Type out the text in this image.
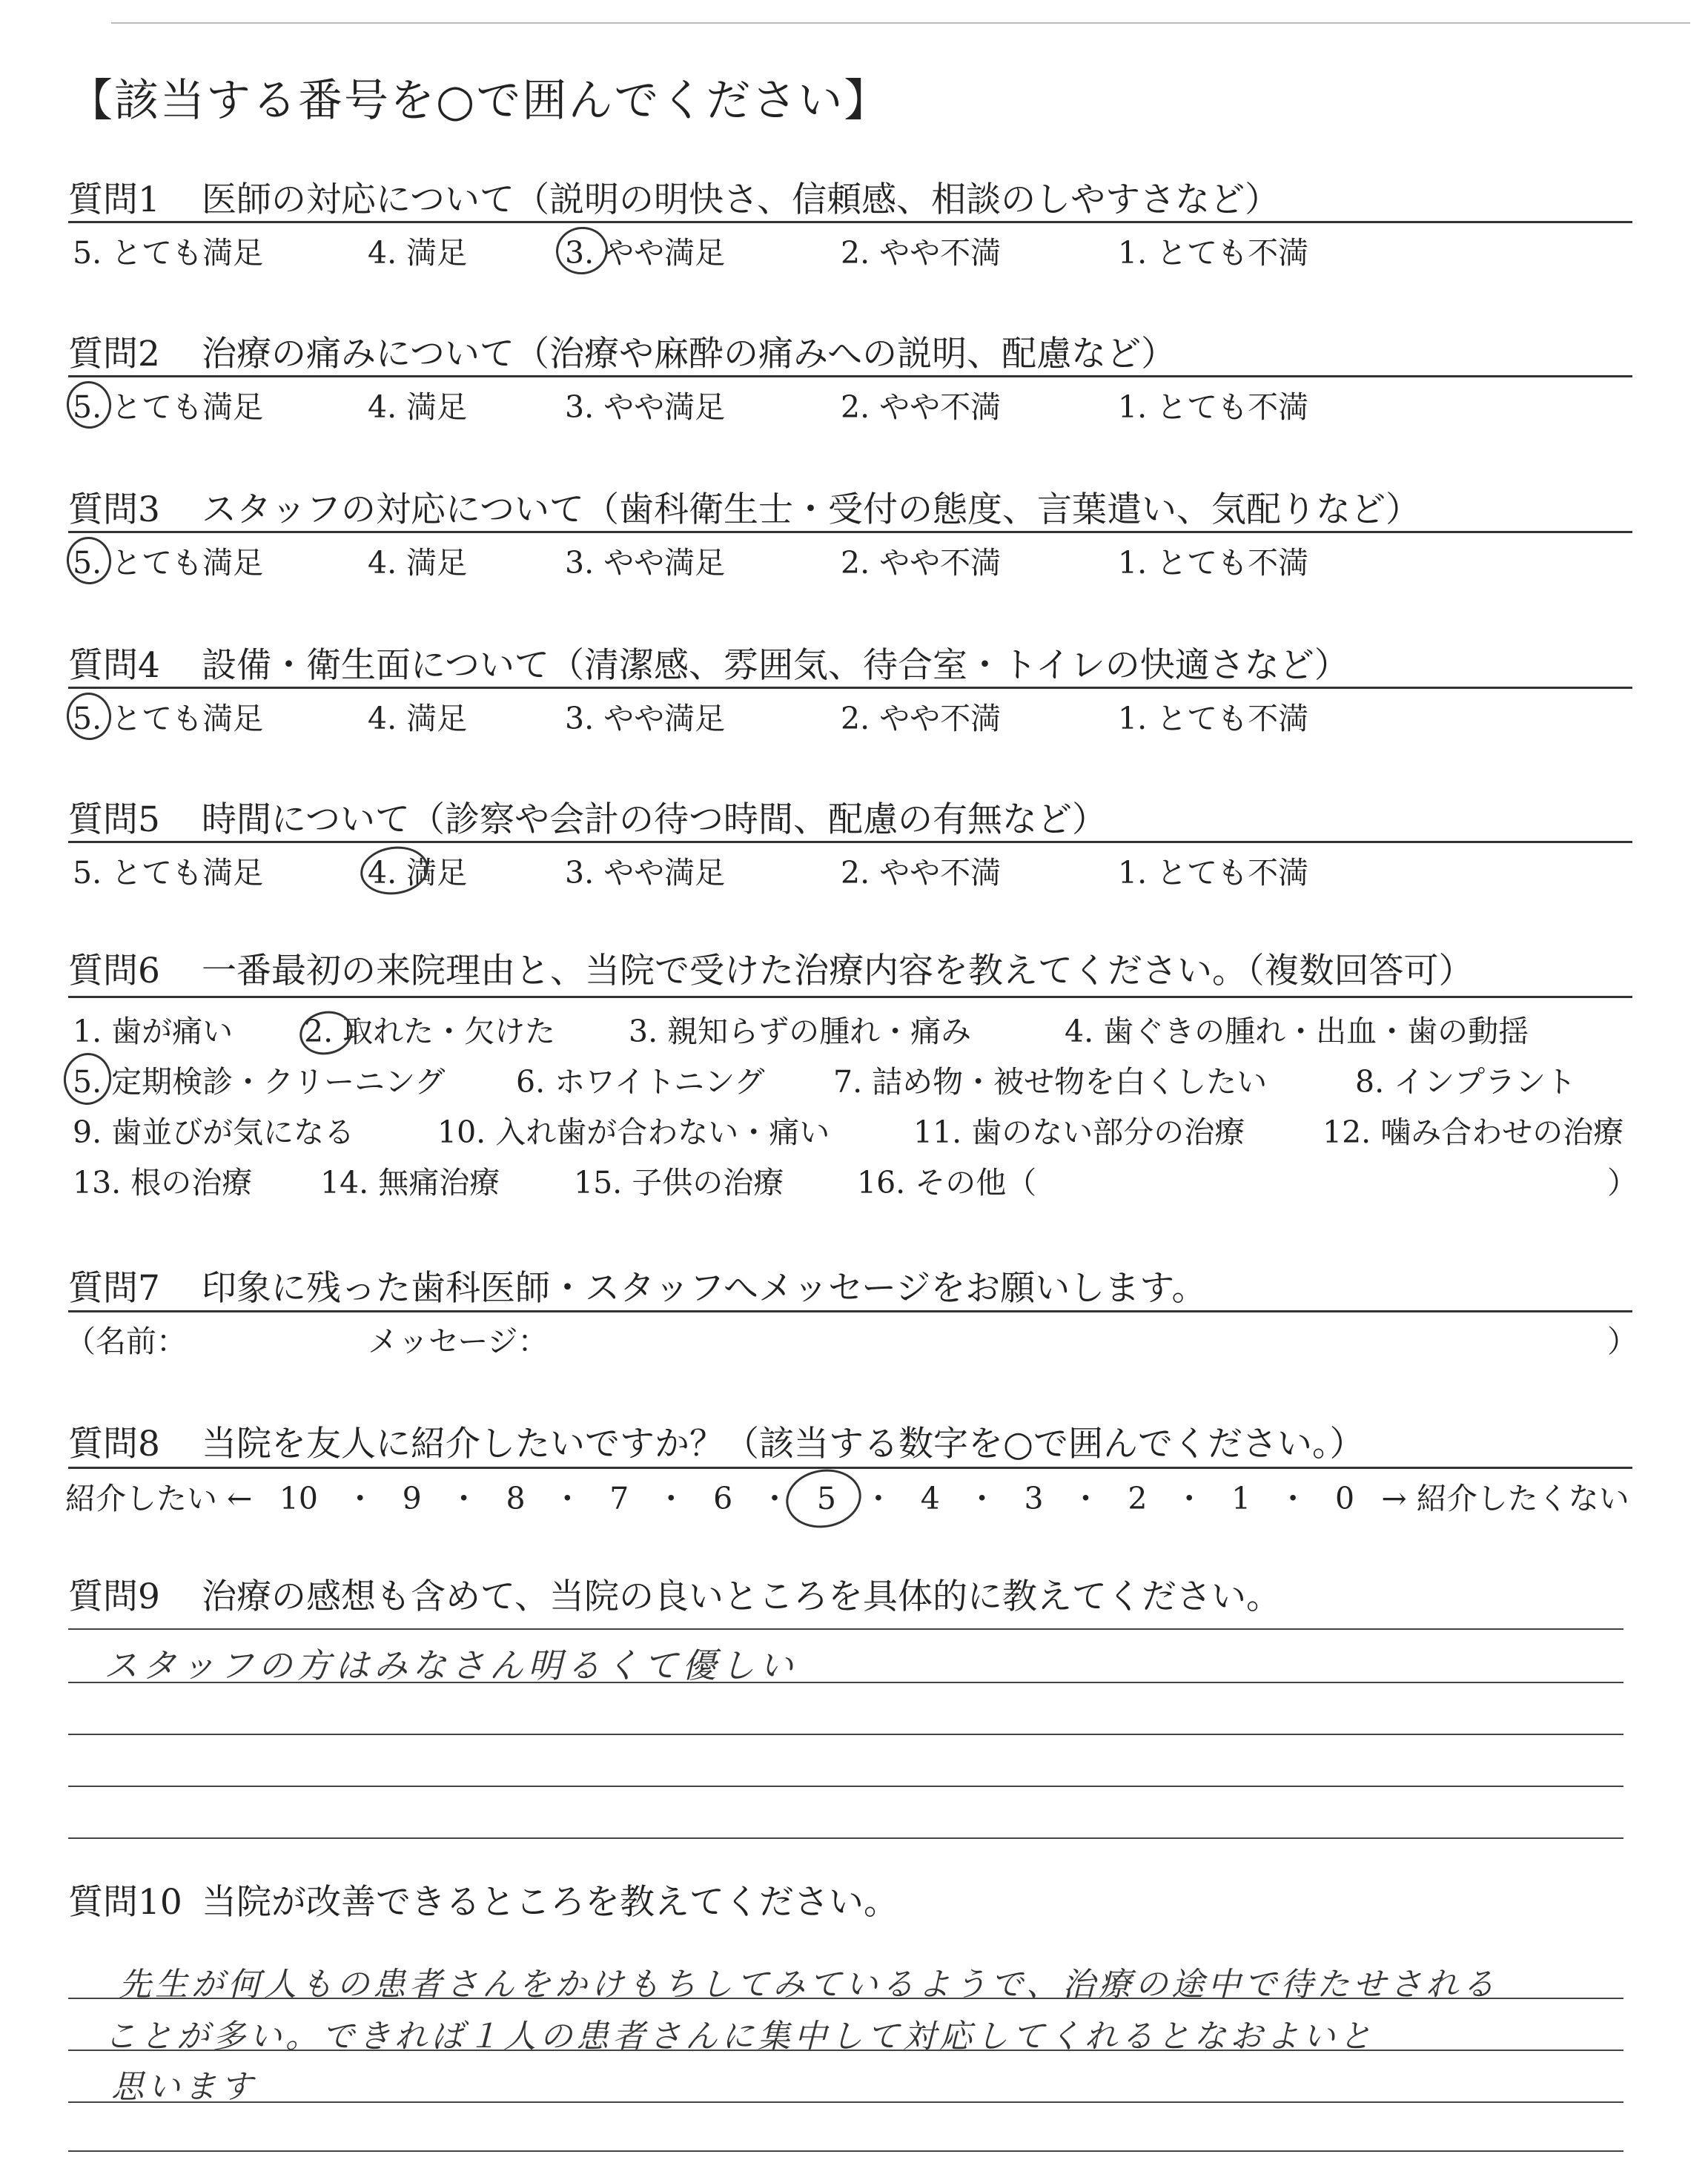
【該当する番号を○で囲んでください】
質問1 医師の対応について（説明の明快さ、信頼感、相談のしやすさなど）
5. とても満足	4. 満足	3. やや満足	2. やや不満	1. とても不満
質問2 治療の痛みについて（治療や麻酔の痛みへの説明、配慮など）
5. とても満足	4. 満足	3. やや満足	2. やや不満	1. とても不満
質問3 スタッフの対応について（歯科衛生士・受付の態度、言葉遣い、気配りなど）
5. とても満足	4. 満足	3. やや満足	2. やや不満	1. とても不満
質問4 設備・衛生面について（清潔感、雰囲気、待合室・トイレの快適さなど）
5. とても満足	4. 満足	3. やや満足	2. やや不満	1. とても不満
質問5 時間について（診察や会計の待つ時間、配慮の有無など）
5. とても満足	4. 満足	3. やや満足	2. やや不満	1. とても不満
質問6 一番最初の来院理由と、当院で受けた治療内容を教えてください。（複数回答可）
1. 歯が痛い 2. 取れた・欠けた 3. 親知らずの腫れ・痛み	4. 歯ぐきの腫れ・出血・歯の動揺
5. 定期検診・クリーニング 6. ホワイトニング 7. 詰め物・被せ物を白くしたい	8. インプラント
9. 歯並びが気になる	10. 入れ歯が合わない・痛い	11. 歯のない部分の治療	12. 噛み合わせの治療
13. 根の治療 14. 無痛治療 15. 子供の治療 16. その他（	）
質問7 印象に残った歯科医師・スタッフへメッセージをお願いします。
（名前：	メッセージ：	）
質問8 当院を友人に紹介したいですか？（該当する数字を○で囲んでください。）
紹介したい ← 10 ・ 9 ・ 8 ・ 7 ・ 6 ・ 5 ・ 4 ・ 3 ・ 2 ・ 1 ・ 0 → 紹介したくない
質問9 治療の感想も含めて、当院の良いところを具体的に教えてください。
スタッフの方はみなさん明るくて優しい
質問10 当院が改善できるところを教えてください。
先生が何人もの患者さんをかけもちしてみているようで、治療の途中で待たせされる
ことが多い。できれば１人の患者さんに集中して対応してくれるとなおよいと
思います
